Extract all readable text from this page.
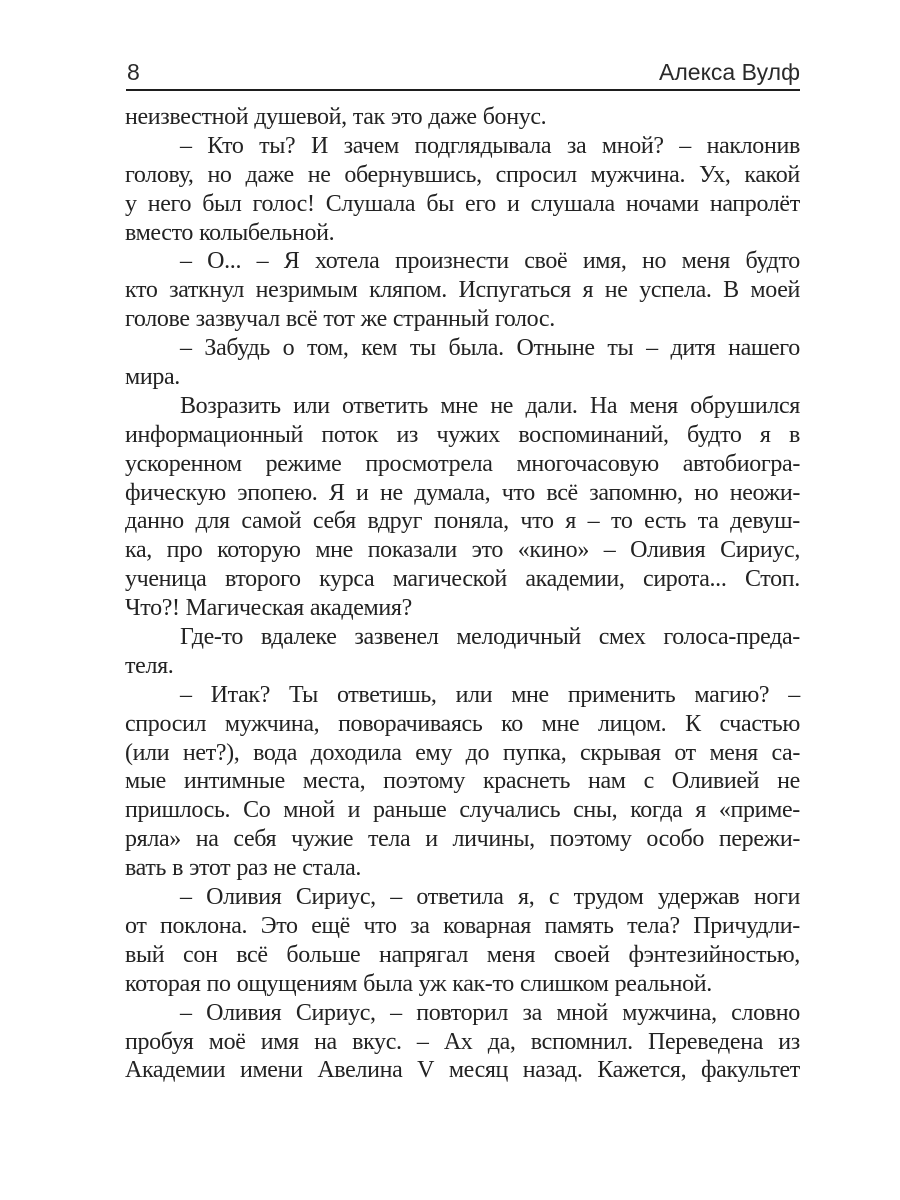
8	Алекса Вулф
неизвестной душевой, так это даже бонус.
– Кто ты? И зачем подглядывала за мной? – наклонив
голову, но даже не обернувшись, спросил мужчина. Ух, какой
у него был голос! Слушала бы его и слушала ночами напролёт
вместо колыбельной.
– О... – Я хотела произнести своё имя, но меня будто
кто заткнул незримым кляпом. Испугаться я не успела. В моей
голове зазвучал всё тот же странный голос.
– Забудь о том, кем ты была. Отныне ты – дитя нашего
мира.
Возразить или ответить мне не дали. На меня обрушился
информационный поток из чужих воспоминаний, будто я в
ускоренном режиме просмотрела многочасовую автобиогра-
фическую эпопею. Я и не думала, что всё запомню, но неожи-
данно для самой себя вдруг поняла, что я – то есть та девуш-
ка, про которую мне показали это «кино» – Оливия Сириус,
ученица второго курса магической академии, сирота... Стоп.
Что?! Магическая академия?
Где-то вдалеке зазвенел мелодичный смех голоса-преда-
теля.
– Итак? Ты ответишь, или мне применить магию? –
спросил мужчина, поворачиваясь ко мне лицом. К счастью
(или нет?), вода доходила ему до пупка, скрывая от меня са-
мые интимные места, поэтому краснеть нам с Оливией не
пришлось. Со мной и раньше случались сны, когда я «приме-
ряла» на себя чужие тела и личины, поэтому особо пережи-
вать в этот раз не стала.
– Оливия Сириус, – ответила я, с трудом удержав ноги
от поклона. Это ещё что за коварная память тела? Причудли-
вый сон всё больше напрягал меня своей фэнтезийностью,
которая по ощущениям была уж как-то слишком реальной.
– Оливия Сириус, – повторил за мной мужчина, словно
пробуя моё имя на вкус. – Ах да, вспомнил. Переведена из
Академии имени Авелина V месяц назад. Кажется, факультет
